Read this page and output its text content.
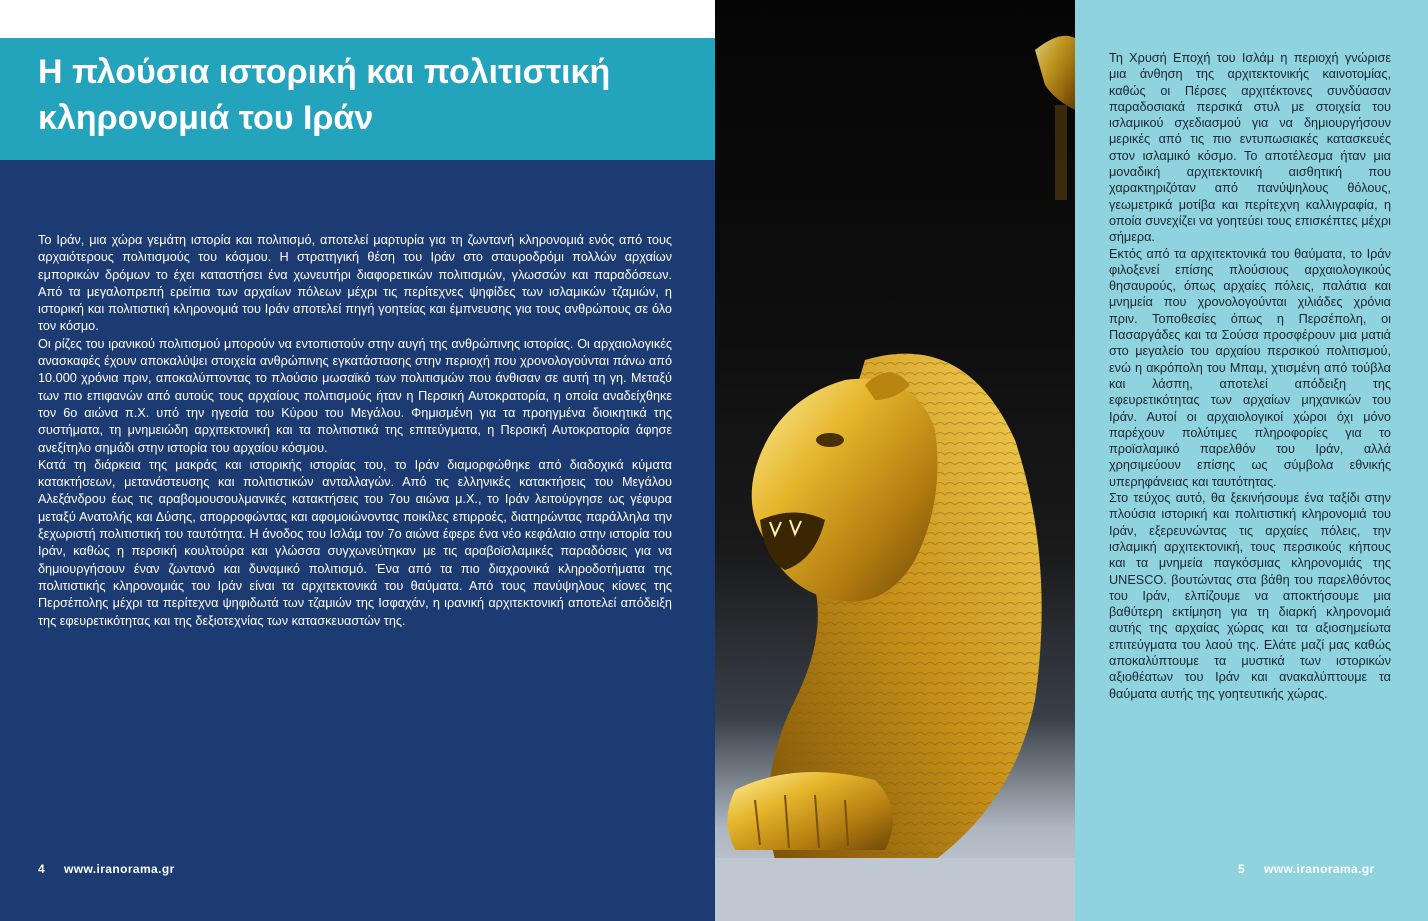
Η πλούσια ιστορική και πολιτιστική κληρονομιά του Ιράν

Το Ιράν, μια χώρα γεμάτη ιστορία και πολιτισμό, αποτελεί μαρτυρία για τη ζωντανή κληρονομιά ενός από τους αρχαιότερους πολιτισμούς του κόσμου. Η στρατηγική θέση του Ιράν στο σταυροδρόμι πολλών αρχαίων εμπορικών δρόμων το έχει καταστήσει ένα χωνευτήρι διαφορετικών πολιτισμών, γλωσσών και παραδόσεων. Από τα μεγαλοπρεπή ερείπια των αρχαίων πόλεων μέχρι τις περίτεχνες ψηφίδες των ισλαμικών τζαμιών, η ιστορική και πολιτιστική κληρονομιά του Ιράν αποτελεί πηγή γοητείας και έμπνευσης για τους ανθρώπους σε όλο τον κόσμο.

Οι ρίζες του ιρανικού πολιτισμού μπορούν να εντοπιστούν στην αυγή της ανθρώπινης ιστορίας. Οι αρχαιολογικές ανασκαφές έχουν αποκαλύψει στοιχεία ανθρώπινης εγκατάστασης στην περιοχή που χρονολογούνται πάνω από 10.000 χρόνια πριν, αποκαλύπτοντας το πλούσιο μωσαϊκό των πολιτισμών που άνθισαν σε αυτή τη γη. Μεταξύ των πιο επιφανών από αυτούς τους αρχαίους πολιτισμούς ήταν η Περσική Αυτοκρατορία, η οποία αναδείχθηκε τον 6ο αιώνα π.Χ. υπό την ηγεσία του Κύρου του Μεγάλου. Φημισμένη για τα προηγμένα διοικητικά της συστήματα, τη μνημειώδη αρχιτεκτονική και τα πολιτιστικά της επιτεύγματα, η Περσική Αυτοκρατορία άφησε ανεξίτηλο σημάδι στην ιστορία του αρχαίου κόσμου.

Κατά τη διάρκεια της μακράς και ιστορικής ιστορίας του, το Ιράν διαμορφώθηκε από διαδοχικά κύματα κατακτήσεων, μετανάστευσης και πολιτιστικών ανταλλαγών. Από τις ελληνικές κατακτήσεις του Μεγάλου Αλεξάνδρου έως τις αραβομουσουλμανικές κατακτήσεις του 7ου αιώνα μ.Χ., το Ιράν λειτούργησε ως γέφυρα μεταξύ Ανατολής και Δύσης, απορροφώντας και αφομοιώνοντας ποικίλες επιρροές, διατηρώντας παράλληλα την ξεχωριστή πολιτιστική του ταυτότητα. Η άνοδος του Ισλάμ τον 7ο αιώνα έφερε ένα νέο κεφάλαιο στην ιστορία του Ιράν, καθώς η περσική κουλτούρα και γλώσσα συγχωνεύτηκαν με τις αραβοϊσλαμικές παραδόσεις για να δημιουργήσουν έναν ζωντανό και δυναμικό πολιτισμό. Ένα από τα πιο διαχρονικά κληροδοτήματα της πολιτιστικής κληρονομιάς του Ιράν είναι τα αρχιτεκτονικά του θαύματα. Από τους πανύψηλους κίονες της Περσέπολης μέχρι τα περίτεχνα ψηφιδωτά των τζαμιών της Ισφαχάν, η ιρανική αρχιτεκτονική αποτελεί απόδειξη της εφευρετικότητας και της δεξιοτεχνίας των κατασκευαστών της.

4 www.iranorama.gr

Τη Χρυσή Εποχή του Ισλάμ η περιοχή γνώρισε μια άνθηση της αρχιτεκτονικής καινοτομίας, καθώς οι Πέρσες αρχιτέκτονες συνδύασαν παραδοσιακά περσικά στυλ με στοιχεία του ισλαμικού σχεδιασμού για να δημιουργήσουν μερικές από τις πιο εντυπωσιακές κατασκευές στον ισλαμικό κόσμο. Το αποτέλεσμα ήταν μια μοναδική αρχιτεκτονική αισθητική που χαρακτηριζόταν από πανύψηλους θόλους, γεωμετρικά μοτίβα και περίτεχνη καλλιγραφία, η οποία συνεχίζει να γοητεύει τους επισκέπτες μέχρι σήμερα.

Εκτός από τα αρχιτεκτονικά του θαύματα, το Ιράν φιλοξενεί επίσης πλούσιους αρχαιολογικούς θησαυρούς, όπως αρχαίες πόλεις, παλάτια και μνημεία που χρονολογούνται χιλιάδες χρόνια πριν. Τοποθεσίες όπως η Περσέπολη, οι Πασαργάδες και τα Σούσα προσφέρουν μια ματιά στο μεγαλείο του αρχαίου περσικού πολιτισμού, ενώ η ακρόπολη του Μπαμ, χτισμένη από τούβλα και λάσπη, αποτελεί απόδειξη της εφευρετικότητας των αρχαίων μηχανικών του Ιράν. Αυτοί οι αρχαιολογικοί χώροι όχι μόνο παρέχουν πολύτιμες πληροφορίες για το προϊσλαμικό παρελθόν του Ιράν, αλλά χρησιμεύουν επίσης ως σύμβολα εθνικής υπερηφάνειας και ταυτότητας.

Στο τεύχος αυτό, θα ξεκινήσουμε ένα ταξίδι στην πλούσια ιστορική και πολιτιστική κληρονομιά του Ιράν, εξερευνώντας τις αρχαίες πόλεις, την ισλαμική αρχιτεκτονική, τους περσικούς κήπους και τα μνημεία παγκόσμιας κληρονομιάς της UNESCO. βουτώντας στα βάθη του παρελθόντος του Ιράν, ελπίζουμε να αποκτήσουμε μια βαθύτερη εκτίμηση για τη διαρκή κληρονομιά αυτής της αρχαίας χώρας και τα αξιοσημείωτα επιτεύγματα του λαού της. Ελάτε μαζί μας καθώς αποκαλύπτουμε τα μυστικά των ιστορικών αξιοθέατων του Ιράν και ανακαλύπτουμε τα θαύματα αυτής της γοητευτικής χώρας.

5 www.iranorama.gr
